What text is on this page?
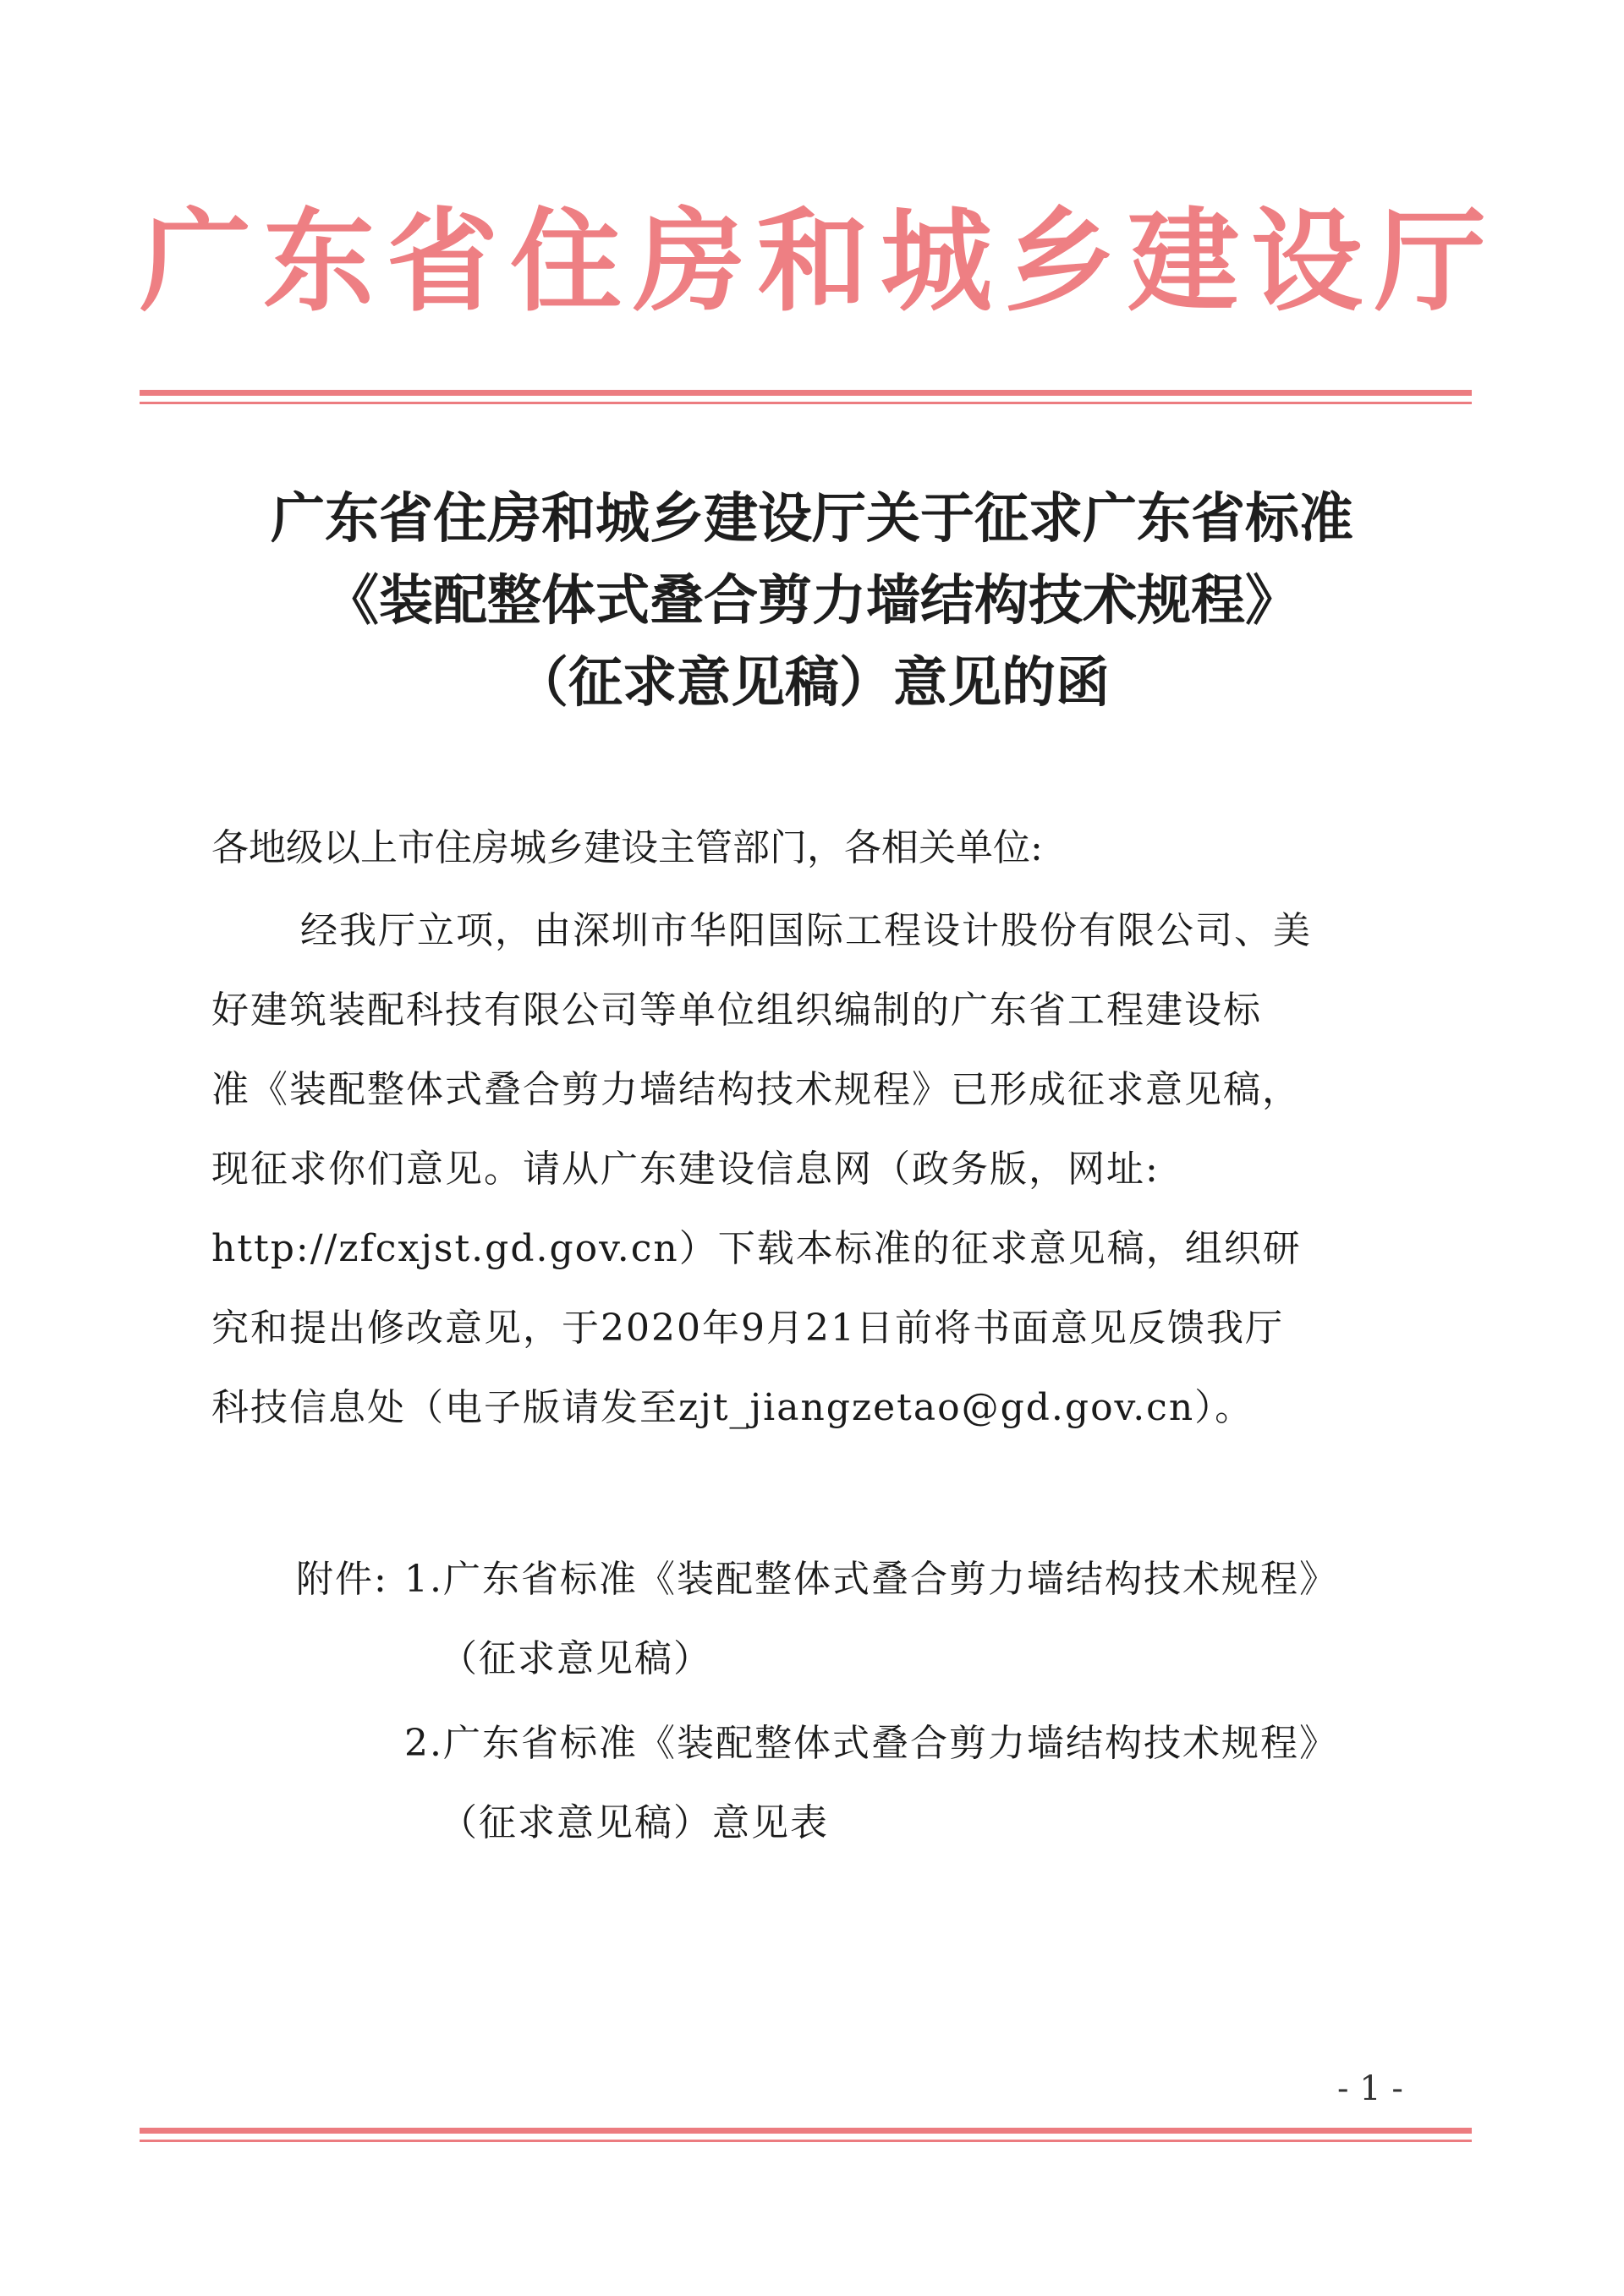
广东省住房和城乡建设厅
广东省住房和城乡建设厅关于征求广东省标准
《装配整体式叠合剪力墙结构技术规程》
（征求意见稿）意见的函
各地级以上市住房城乡建设主管部门，各相关单位:
经我厅立项，由深圳市华阳国际工程设计股份有限公司、美
好建筑装配科技有限公司等单位组织编制的广东省工程建设标
准《装配整体式叠合剪力墙结构技术规程》已形成征求意见稿，
现征求你们意见。请从广东建设信息网（政务版，网址:
http://zfcxjst.gd.gov.cn）下载本标准的征求意见稿，组织研
究和提出修改意见，于2020年9月21日前将书面意见反馈我厅
科技信息处（电子版请发至zjt_jiangzetao@gd.gov.cn）。
附件: 1.广东省标准《装配整体式叠合剪力墙结构技术规程》
（征求意见稿）
2.广东省标准《装配整体式叠合剪力墙结构技术规程》
（征求意见稿）意见表
- 1 -
